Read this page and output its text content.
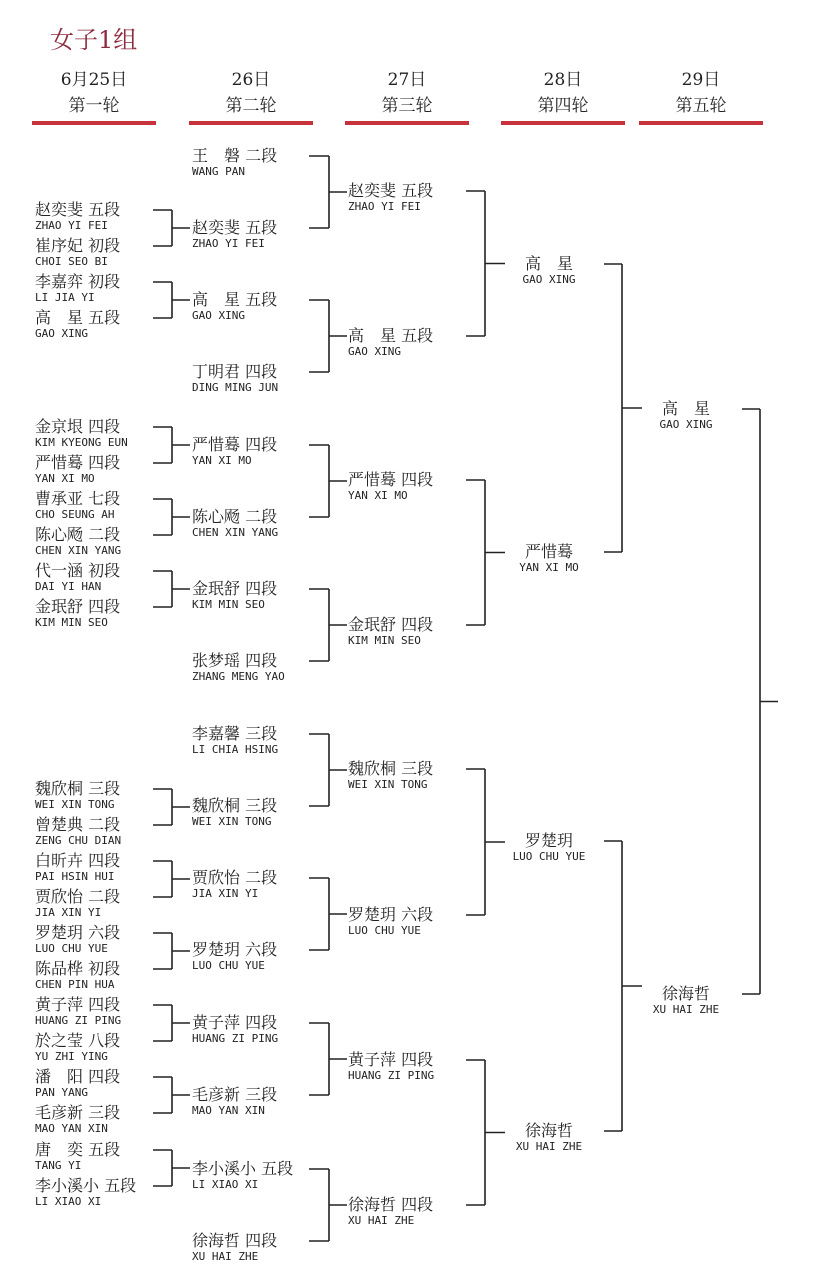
女子1组
6月25日
第一轮
26日
第二轮
27日
第三轮
28日
第四轮
29日
第五轮
赵奕斐 五段
ZHAO YI FEI
崔序妃 初段
CHOI SEO BI
李嘉弈 初段
LI JIA YI
高　星 五段
GAO XING
金京垠 四段
KIM KYEONG EUN
严惜蓦 四段
YAN XI MO
曹承亚 七段
CHO SEUNG AH
陈心飏 二段
CHEN XIN YANG
代一涵 初段
DAI YI HAN
金珉舒 四段
KIM MIN SEO
魏欣桐 三段
WEI XIN TONG
曾楚典 二段
ZENG CHU DIAN
白昕卉 四段
PAI HSIN HUI
贾欣怡 二段
JIA XIN YI
罗楚玥 六段
LUO CHU YUE
陈品桦 初段
CHEN PIN HUA
黄子萍 四段
HUANG ZI PING
於之莹 八段
YU ZHI YING
潘　阳 四段
PAN YANG
毛彦新 三段
MAO YAN XIN
唐　奕 五段
TANG YI
李小溪小 五段
LI XIAO XI
王　磐 二段
WANG PAN
赵奕斐 五段
ZHAO YI FEI
高　星 五段
GAO XING
丁明君 四段
DING MING JUN
严惜蓦 四段
YAN XI MO
陈心飏 二段
CHEN XIN YANG
金珉舒 四段
KIM MIN SEO
张梦瑶 四段
ZHANG MENG YAO
李嘉馨 三段
LI CHIA HSING
魏欣桐 三段
WEI XIN TONG
贾欣怡 二段
JIA XIN YI
罗楚玥 六段
LUO CHU YUE
黄子萍 四段
HUANG ZI PING
毛彦新 三段
MAO YAN XIN
李小溪小 五段
LI XIAO XI
徐海哲 四段
XU HAI ZHE
赵奕斐 五段
ZHAO YI FEI
高　星 五段
GAO XING
严惜蓦 四段
YAN XI MO
金珉舒 四段
KIM MIN SEO
魏欣桐 三段
WEI XIN TONG
罗楚玥 六段
LUO CHU YUE
黄子萍 四段
HUANG ZI PING
徐海哲 四段
XU HAI ZHE
高　星
GAO XING
严惜蓦
YAN XI MO
罗楚玥
LUO CHU YUE
徐海哲
XU HAI ZHE
高　星
GAO XING
徐海哲
XU HAI ZHE
